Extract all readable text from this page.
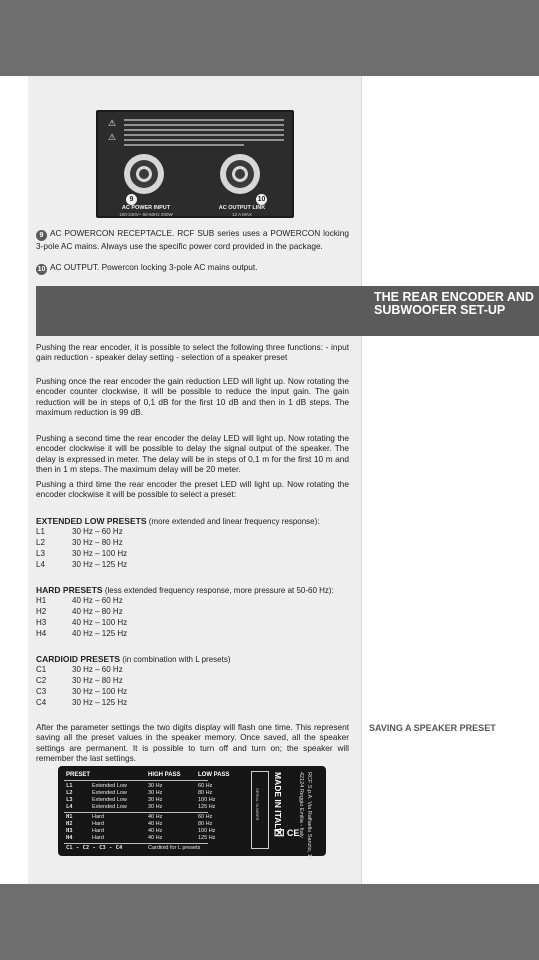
⚠
⚠
9	10
AC POWER INPUT
100-240V~ 50-60Hz 200W
AC OUTPUT LINK
12 A MAX
9 AC POWERCON RECEPTACLE. RCF SUB series uses a POWERCON locking 3-pole AC mains. Always use the specific power cord provided in the package.
10 AC OUTPUT. Powercon locking 3-pole AC mains output.
THE REAR ENCODER AND SUBWOOFER SET-UP
Pushing the rear encoder, it is possible to select the following three functions: - input gain reduction - speaker delay setting - selection of a speaker preset
Pushing once the rear encoder the gain reduction LED will light up. Now rotating the encoder counter clockwise, it will be possible to reduce the input gain. The gain reduction will be in steps of 0,1 dB for the first 10 dB and then in 1 dB steps. The maximum reduction is 99 dB.
Pushing a second time the rear encoder the delay LED will light up. Now rotating the encoder clockwise it will be possible to delay the signal output of the speaker. The delay is expressed in meter. The delay will be in steps of 0,1 m for the first 10 m and then in 1 m steps. The maximum delay will be 20 meter.
Pushing a third time the rear encoder the preset LED will light up. Now rotating the encoder clockwise it will be possible to select a preset:
EXTENDED LOW PRESETS (more extended and linear frequency response):
L1	30 Hz – 60 Hz
L2	30 Hz – 80 Hz
L3	30 Hz – 100 Hz
L4	30 Hz – 125 Hz
HARD PRESETS (less extended frequency response, more pressure at 50-60 Hz):
H1	40 Hz – 60 Hz
H2	40 Hz – 80 Hz
H3	40 Hz – 100 Hz
H4	40 Hz – 125 Hz
CARDIOID PRESETS (in combination with L presets)
C1	30 Hz – 60 Hz
C2	30 Hz – 80 Hz
C3	30 Hz – 100 Hz
C4	30 Hz – 125 Hz
After the parameter settings the two digits display will flash one time. This represent saving all the preset values in the speaker memory. Once saved, all the speaker settings are permanent. It is possible to turn off and turn on; the speaker will remember the last settings.
SAVING A SPEAKER PRESET
PRESET	HIGH PASS	LOW PASS
L1	Extended Low	30 Hz	60 Hz
L2	Extended Low	30 Hz	80 Hz
L3	Extended Low	30 Hz	100 Hz
L4	Extended Low	30 Hz	125 Hz
H1	Hard	40 Hz	60 Hz
H2	Hard	40 Hz	80 Hz
H3	Hard	40 Hz	100 Hz
H4	Hard	40 Hz	125 Hz
C1 - C2 - C3 - C4	Cardioid for L presets
SERIAL NUMBER MADE IN ITALY	RCF S.p.A. Via Raffaello Sanzio, 13
42124 Reggio Emilia - Italy
⌧ CE
